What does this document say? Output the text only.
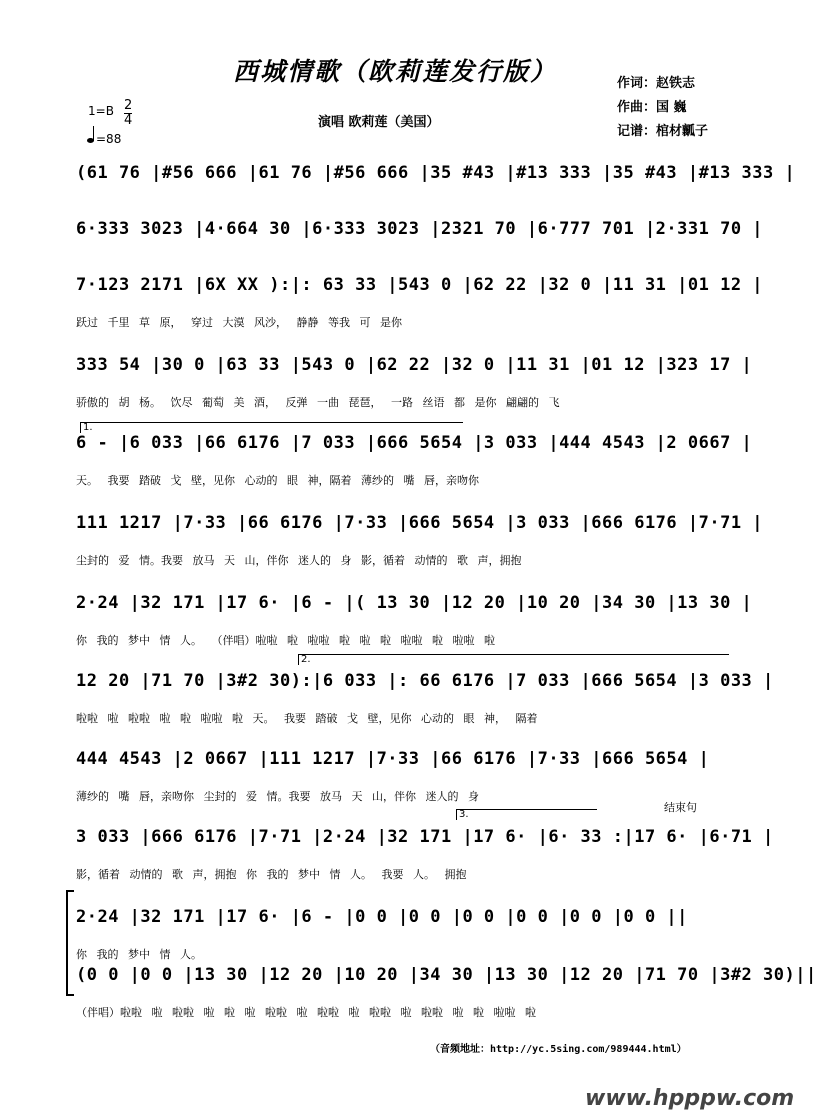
西城情歌（欧莉莲发行版）	作词：赵铁志
作曲：国 巍
记谱：棺材瓤子
1=B 2
4
=88
演唱 欧莉莲（美国）
(61 76 |#56 666 |61 76 |#56 666 |35 #43 |#13 333 |35 #43 |#13 333 |
6·333 3023 |4·664 30 |6·333 3023 |2321 70 |6·777 701 |2·331 70 |
7·123 2171 |6X XX ):|: 63 33 |543 0 |62 22 |32 0 |11 31 |01 12 |
跃过 千里 草 原， 穿过 大漠 风沙， 静静 等我 可 是你
333 54 |30 0 |63 33 |543 0 |62 22 |32 0 |11 31 |01 12 |323 17 |
骄傲的 胡 杨。 饮尽 葡萄 美 酒， 反弹 一曲 琵琶， 一路 丝语 都 是你 翩翩的 飞
1.
6 - |6 033 |66 6176 |7 033 |666 5654 |3 033 |444 4543 |2 0667 |
天。 我要 踏破 戈 壁，见你 心动的 眼 神，隔着 薄纱的 嘴 唇，亲吻你
111 1217 |7·33 |66 6176 |7·33 |666 5654 |3 033 |666 6176 |7·71 |
尘封的 爱 情。我要 放马 天 山，伴你 迷人的 身 影，循着 动情的 歌 声，拥抱
2·24 |32 171 |17 6· |6 - |( 13 30 |12 20 |10 20 |34 30 |13 30 |
你 我的 梦中 情 人。 （伴唱）啦啦 啦 啦啦 啦 啦 啦 啦啦 啦 啦啦 啦
2.
12 20 |71 70 |3#2 30):|6 033 |: 66 6176 |7 033 |666 5654 |3 033 |
啦啦 啦 啦啦 啦 啦 啦啦 啦 天。 我要 踏破 戈 壁，见你 心动的 眼 神， 隔着
444 4543 |2 0667 |111 1217 |7·33 |66 6176 |7·33 |666 5654 |
薄纱的 嘴 唇，亲吻你 尘封的 爱 情。我要 放马 天 山，伴你 迷人的 身
3.
结束句
3 033 |666 6176 |7·71 |2·24 |32 171 |17 6· |6· 33 :|17 6· |6·71 |
影，循着 动情的 歌 声，拥抱 你 我的 梦中 情 人。 我要 人。 拥抱
2·24 |32 171 |17 6· |6 - |0 0 |0 0 |0 0 |0 0 |0 0 |0 0 ||
你 我的 梦中 情 人。
(0 0 |0 0 |13 30 |12 20 |10 20 |34 30 |13 30 |12 20 |71 70 |3#2 30)||
（伴唱）啦啦 啦 啦啦 啦 啦 啦 啦啦 啦 啦啦 啦 啦啦 啦 啦啦 啦 啦 啦啦 啦
（音频地址：http://yc.5sing.com/989444.html）
www.hpppw.com
